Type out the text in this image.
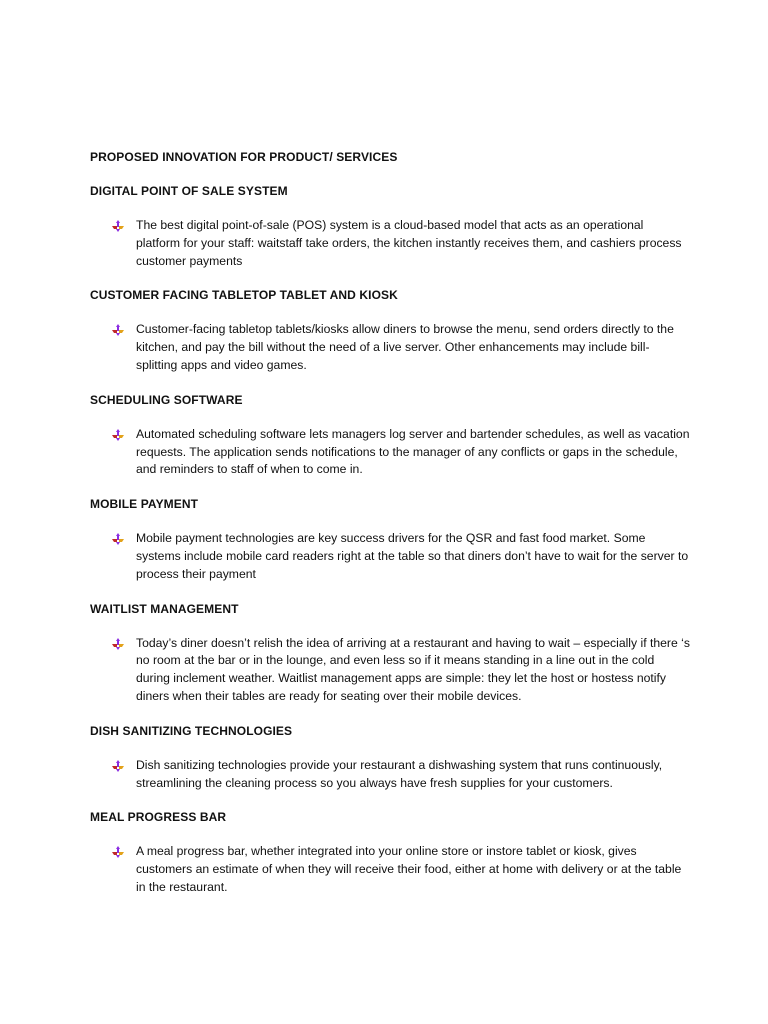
PROPOSED INNOVATION FOR PRODUCT/ SERVICES
DIGITAL POINT OF SALE SYSTEM

The best digital point-of-sale (POS) system is a cloud-based model that acts as an operational platform for your staff: waitstaff take orders, the kitchen instantly receives them, and cashiers process customer payments

CUSTOMER FACING TABLETOP TABLET AND KIOSK

Customer-facing tabletop tablets/kiosks allow diners to browse the menu, send orders directly to the kitchen, and pay the bill without the need of a live server. Other enhancements may include bill-splitting apps and video games.

SCHEDULING SOFTWARE

Automated scheduling software lets managers log server and bartender schedules, as well as vacation requests. The application sends notifications to the manager of any conflicts or gaps in the schedule, and reminders to staff of when to come in.

MOBILE PAYMENT

Mobile payment technologies are key success drivers for the QSR and fast food market. Some systems include mobile card readers right at the table so that diners don’t have to wait for the server to process their payment

WAITLIST MANAGEMENT

Today’s diner doesn’t relish the idea of arriving at a restaurant and having to wait – especially if there ‘s no room at the bar or in the lounge, and even less so if it means standing in a line out in the cold during inclement weather. Waitlist management apps are simple: they let the host or hostess notify diners when their tables are ready for seating over their mobile devices.

DISH SANITIZING TECHNOLOGIES

Dish sanitizing technologies provide your restaurant a dishwashing system that runs continuously, streamlining the cleaning process so you always have fresh supplies for your customers.

MEAL PROGRESS BAR

A meal progress bar, whether integrated into your online store or instore tablet or kiosk, gives customers an estimate of when they will receive their food, either at home with delivery or at the table in the restaurant.
